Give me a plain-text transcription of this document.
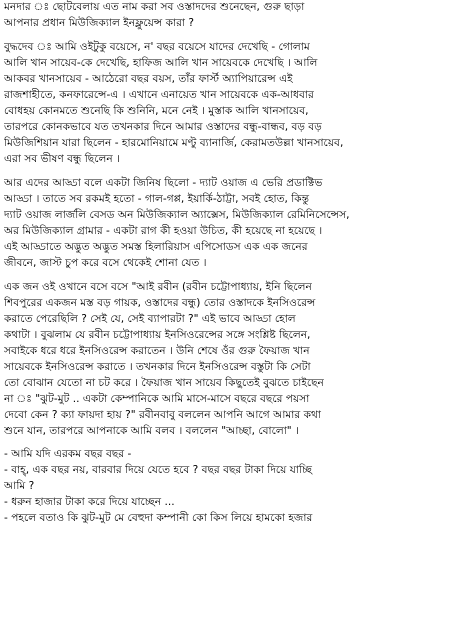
মনদার ঃ ছোটবেলায় এত নাম করা সব ওস্তাদদের শুনেছেন, গুরু ছাড়া
আপনার প্রধান মিউজিক্যাল ইনফ্লুয়েন্স কারা ?
বুদ্ধদেব ঃ আমি ওইটুকু বয়েসে, ন' বছর বয়েসে যাদের দেখেছি - গোলাম
আলি খান সায়েব-কে দেখেছি, হাফিজ আলি খান সায়েবকে দেখেছি । আলি
আকবর খানসায়েব - আঠেরো বছর বয়স, তাঁর ফার্স্ট অ্যাপিয়ারেন্স এই
রাজশাহীতে, কনফারেন্সে-এ । এখানে এনায়েত খান সায়েবকে এক-আধবার
বোধহয় কোনমতে শুনেছি কি শুনিনি, মনে নেই । মুস্তাক আলি খানসায়েব,
তারপরে কোনকভাবে যত তখনকার দিনে আমার ওস্তাদের বন্ধু-বান্ধব, বড় বড়
মিউজিশিয়ান যারা ছিলেন - হারমোনিয়ামে মণ্টু ব্যানার্জি, কেরামতউল্লা খানসায়েব,
এরা সব ভীষণ বন্ধু ছিলেন ।
আর এদের আড্ডা বলে একটা জিনিষ ছিলো - দ্যাট ওয়াজ এ ভেরি প্রডাক্টিভ
আড্ডা । তাতে সব রকমই হতো - গাল-গপ্প, ইয়ার্কি-ঠাট্টা, সবই হোত, কিন্তু
দ্যাট ওয়াজ লার্জলি বেসড অন মিউজিক্যাল অ্যাক্সেস, মিউজিক্যাল রেমিনিসেন্সেস,
অর মিউজিক্যাল গ্রামার - একটা রাগ কী হওয়া উচিত, কী হয়েছে না হয়েছে ।
এই আড্ডাতে অদ্ভুত অদ্ভুত সমস্ত হিলারিয়াস এপিসোডস এক এক জনের
জীবনে, জাস্ট চুপ করে বসে থেকেই শোনা যেত ।
এক জন ওই ওখানে বসে বসে "আই রবীন (রবীন চট্টোপাধ্যায়, ইনি ছিলেন
শিবপুরের একজন মস্ত বড় গায়ক, ওস্তাদের বন্ধু) তোর ওস্তাদকে ইনসিওরেন্স
করাতে পেরেছিলি ? সেই যে, সেই ব্যাপারটা ?" এই ভাবে আড্ডা হোল
কথাটা । বুঝলাম যে রবীন চট্টোপাধ্যায় ইনসিওরেন্সের সঙ্গে সংশ্লিষ্ট ছিলেন,
সবাইকে ধরে ধরে ইনসিওরেন্স করাতেন । উনি শেষে ওঁর গুরু ফৈয়াজ খান
সায়েবকে ইনসিওরেন্স করাতে । তখনকার দিনে ইনসিওরেন্স বস্তুটা কি সেটা
তো বোঝান যেতো না চট করে । ফৈয়াজ খান সায়েব কিছুতেই বুঝতে চাইছেন
না ঃ "ঝুট-মুট .. একটা কেম্পানিকে আমি মাসে-মাসে বছরে বছরে পয়সা
দেবো কেন ? ক্যা ফায়দা হায় ?" রবীনবাবু বললেন আপনি আগে আমার কথা
শুনে যান, তারপরে আপনাকে আমি বলব । বললেন "আচ্ছা, বোলো" ।
- আমি যদি এরকম বছর বছর -
- বাহ্‌, এক বছর নয়, বারবার দিয়ে যেতে হবে ? বছর বছর টাকা দিয়ে যাচ্ছি
আমি ?
- ধরুন হাজার টাকা করে দিয়ে যাচ্ছেন ...
- পহলে বতাও কি ঝুট-মুট মে বেহুদা কম্পানী কো কিস লিয়ে হামকো হজার
